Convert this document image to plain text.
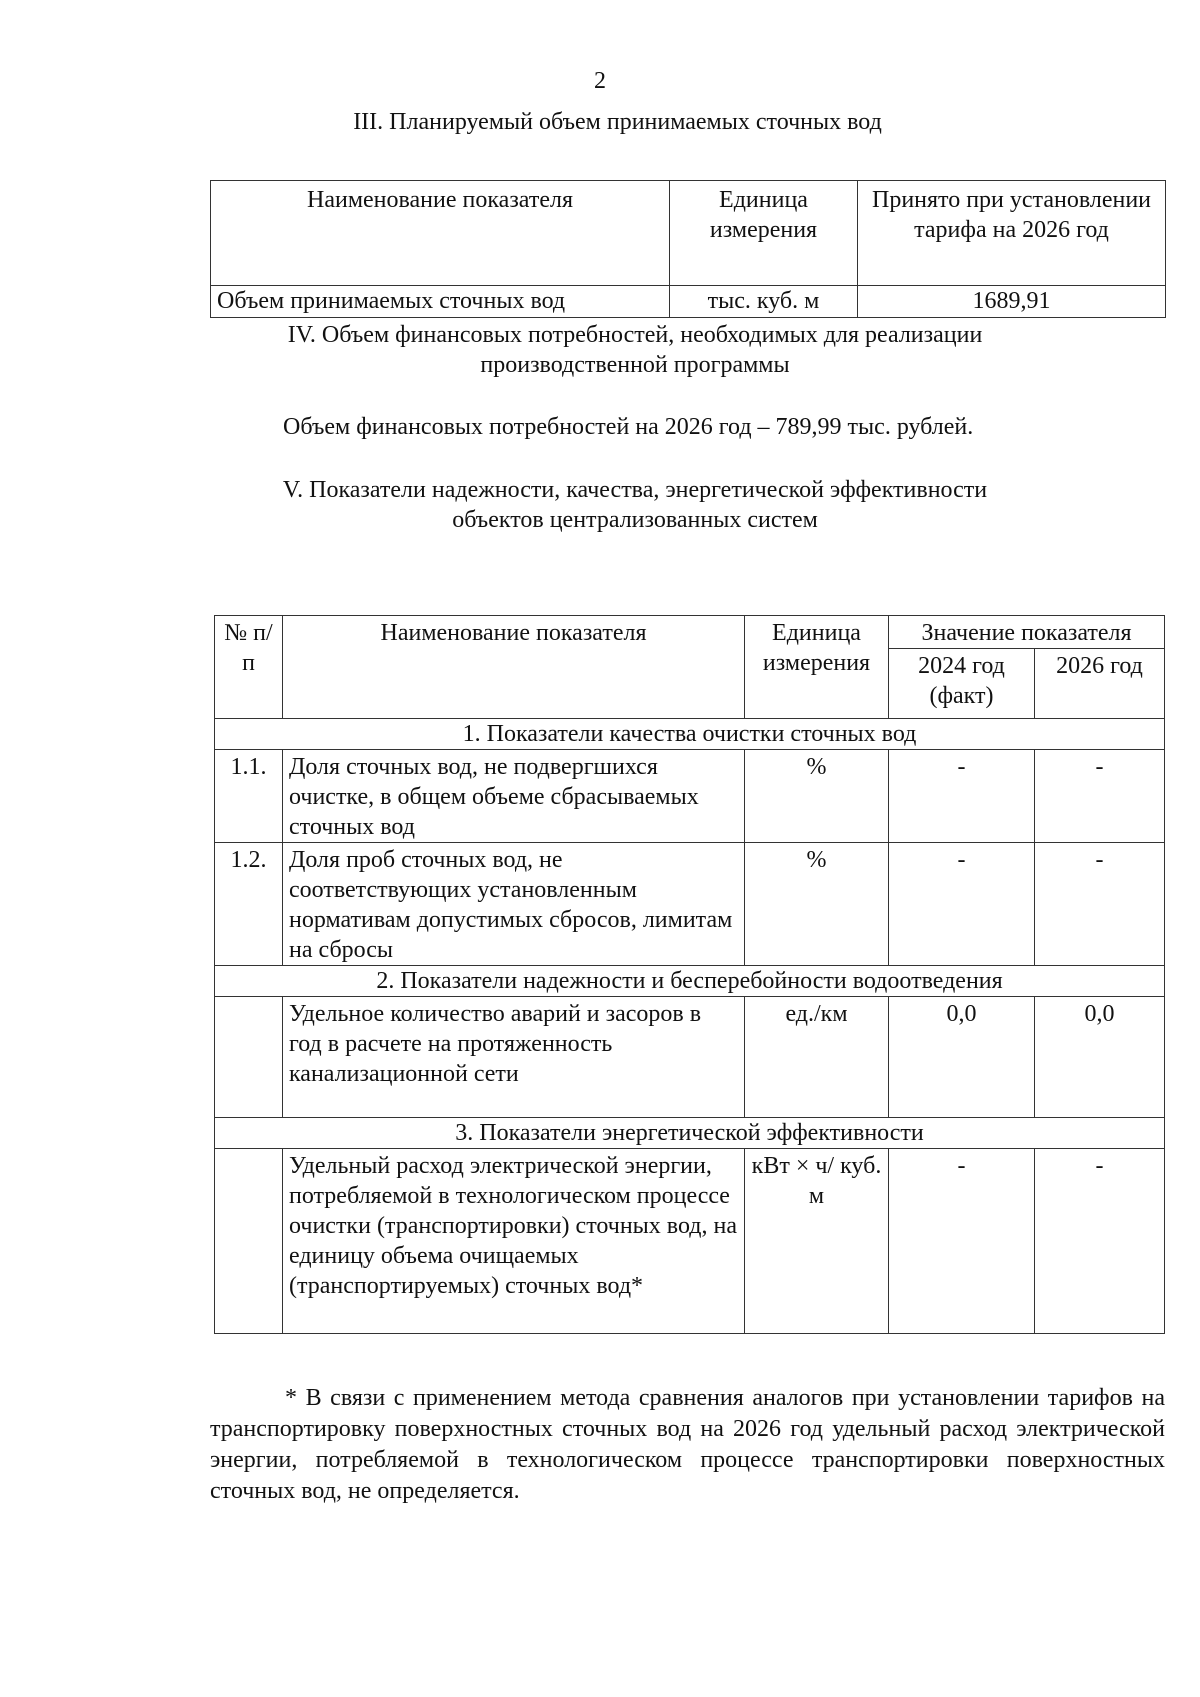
2
III. Планируемый объем принимаемых сточных вод
Наименование показателя	Единица измерения	Принято при установлении тарифа на 2026 год
Объем принимаемых сточных вод	тыс. куб. м	1689,91
IV. Объем финансовых потребностей, необходимых для реализации
производственной программы
Объем финансовых потребностей на 2026 год – 789,99 тыс. рублей.
V. Показатели надежности, качества, энергетической эффективности
объектов централизованных систем
№ п/п	Наименование показателя	Единица измерения	Значение показателя	
			2024 год (факт)	2026 год
1. Показатели качества очистки сточных вод				
1.1.	Доля сточных вод, не подвергшихся очистке, в общем объеме сбрасываемых сточных вод	%	-	-
1.2.	Доля проб сточных вод, не соответствующих установленным нормативам допустимых сбросов, лимитам на сбросы	%	-	-
2. Показатели надежности и бесперебойности водоотведения				
	Удельное количество аварий и засоров в год в расчете на протяженность канализационной сети	ед./км	0,0	0,0
3. Показатели энергетической эффективности				
	Удельный расход электрической энергии, потребляемой в технологическом процессе очистки (транспортировки) сточных вод, на единицу объема очищаемых (транспортируемых) сточных вод*	кВт × ч/ куб. м	-	-
* В связи с применением метода сравнения аналогов при установлении тарифов на транспортировку поверхностных сточных вод на 2026 год удельный расход электрической энергии, потребляемой в технологическом процессе транспортировки поверхностных сточных вод, не определяется.
